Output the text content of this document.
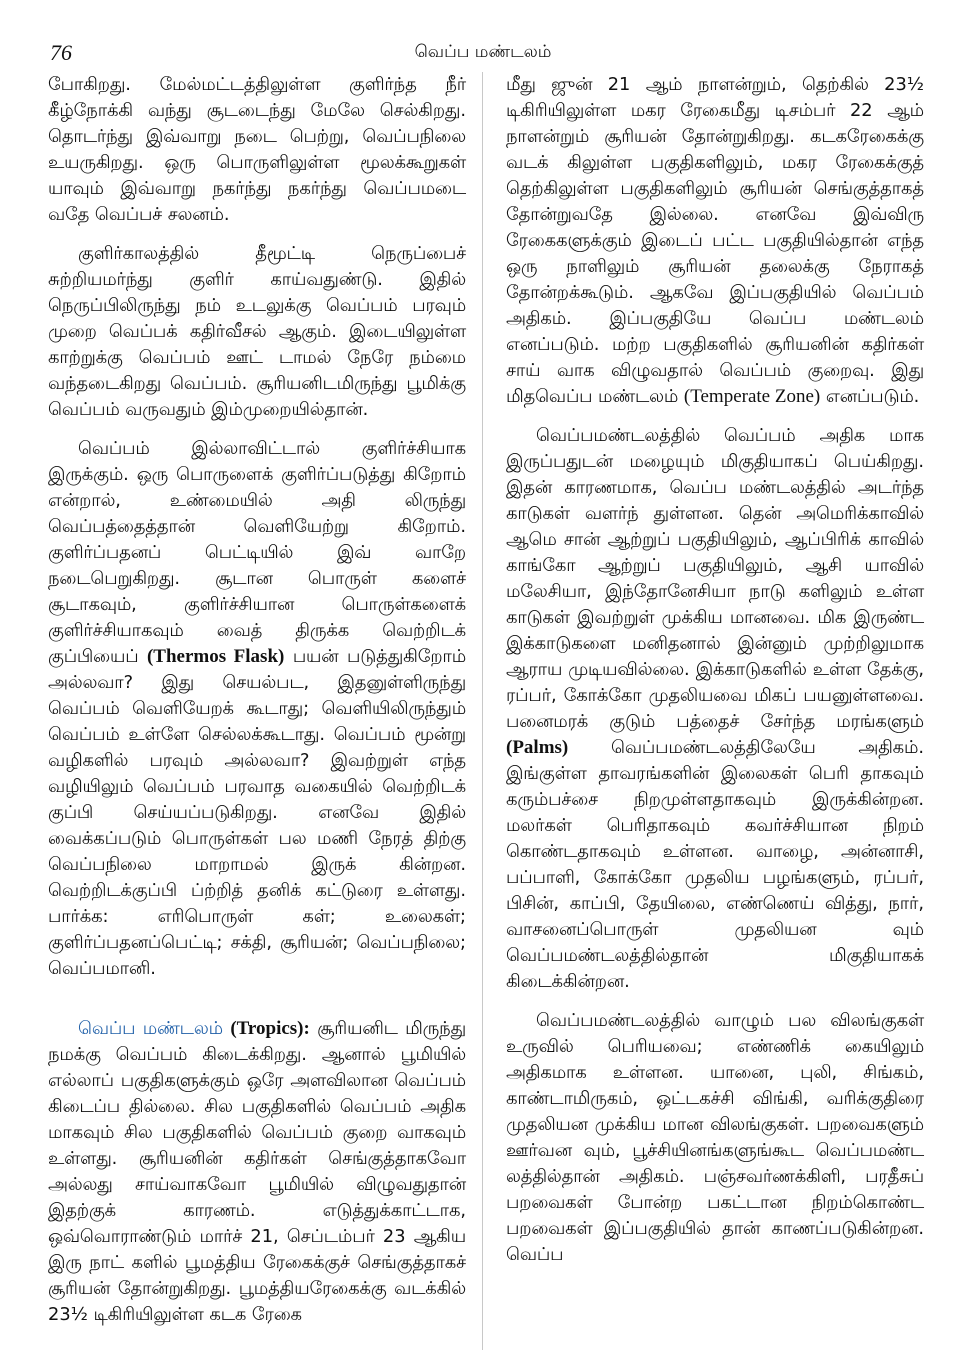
76	வெப்ப மண்டலம்

போகிறது. மேல்மட்டத்திலுள்ள குளிர்ந்த நீர் கீழ்நோக்கி வந்து சூடடைந்து மேலே செல்கிறது. தொடர்ந்து இவ்வாறு நடை பெற்று, வெப்பநிலை உயருகிறது. ஒரு பொருளிலுள்ள மூலக்கூறுகள் யாவும் இவ்வாறு நகர்ந்து நகர்ந்து வெப்பமடை வதே வெப்பச் சலனம்.

குளிர்காலத்தில் தீமூட்டி நெருப்பைச் சுற்றியமர்ந்து குளிர் காய்வதுண்டு. இதில் நெருப்பிலிருந்து நம் உடலுக்கு வெப்பம் பரவும் முறை வெப்பக் கதிர்வீசல் ஆகும். இடையிலுள்ள காற்றுக்கு வெப்பம் ஊட் டாமல் நேரே நம்மை வந்தடைகிறது வெப்பம். சூரியனிடமிருந்து பூமிக்கு வெப்பம் வருவதும் இம்முறையில்தான்.

வெப்பம் இல்லாவிட்டால் குளிர்ச்சியாக இருக்கும். ஒரு பொருளைக் குளிர்ப்படுத்து கிறோம் என்றால், உண்மையில் அதி லிருந்து வெப்பத்தைத்தான் வெளியேற்று கிறோம். குளிர்ப்பதனப் பெட்டியில் இவ் வாறே நடைபெறுகிறது. சூடான பொருள் களைச் சூடாகவும், குளிர்ச்சியான பொருள்களைக் குளிர்ச்சியாகவும் வைத் திருக்க வெற்றிடக் குப்பியைப் (Thermos Flask) பயன் படுத்துகிறோம் அல்லவா? இது செயல்பட, இதனுள்ளிருந்து வெப்பம் வெளியேறக் கூடாது; வெளியிலிருந்தும் வெப்பம் உள்ளே செல்லக்கூடாது. வெப்பம் மூன்று வழிகளில் பரவும் அல்லவா? இவற்றுள் எந்த வழியிலும் வெப்பம் பரவாத வகையில் வெற்றிடக் குப்பி செய்யப்படுகிறது. எனவே இதில் வைக்கப்படும் பொருள்கள் பல மணி நேரத் திற்கு வெப்பநிலை மாறாமல் இருக் கின்றன. வெற்றிடக்குப்பி ப்ற்றித் தனிக் கட்டுரை உள்ளது. பார்க்க: எரிபொருள் கள்; உலைகள்; குளிர்ப்பதனப்பெட்டி; சக்தி, சூரியன்; வெப்பநிலை; வெப்பமானி.

வெப்ப மண்டலம் (Tropics): சூரியனிட மிருந்து நமக்கு வெப்பம் கிடைக்கிறது. ஆனால் பூமியில் எல்லாப் பகுதிகளுக்கும் ஒரே அளவிலான வெப்பம் கிடைப்ப தில்லை. சில பகுதிகளில் வெப்பம் அதிக மாகவும் சில பகுதிகளில் வெப்பம் குறை வாகவும் உள்ளது. சூரியனின் கதிர்கள் செங்குத்தாகவோ அல்லது சாய்வாகவோ பூமியில் விழுவதுதான் இதற்குக் காரணம். எடுத்துக்காட்டாக, ஒவ்வொராண்டும் மார்ச் 21, செப்டம்பர் 23 ஆகிய இரு நாட் களில் பூமத்திய ரேகைக்குச் செங்குத்தாகச் சூரியன் தோன்றுகிறது. பூமத்தியரேகைக்கு வடக்கில் 23½ டிகிரியிலுள்ள கடக ரேகை

மீது ஜுன் 21 ஆம் நாளன்றும், தெற்கில் 23½ டிகிரியிலுள்ள மகர ரேகைமீது டிசம்பர் 22 ஆம் நாளன்றும் சூரியன் தோன்றுகிறது. கடகரேகைக்கு வடக் கிலுள்ள பகுதிகளிலும், மகர ரேகைக்குத் தெற்கிலுள்ள பகுதிகளிலும் சூரியன் செங்குத்தாகத் தோன்றுவதே இல்லை. எனவே இவ்விரு ரேகைகளுக்கும் இடைப் பட்ட பகுதியில்தான் எந்த ஒரு நாளிலும் சூரியன் தலைக்கு நேராகத் தோன்றக்கூடும். ஆகவே இப்பகுதியில் வெப்பம் அதிகம். இப்பகுதியே வெப்ப மண்டலம் எனப்படும். மற்ற பகுதிகளில் சூரியனின் கதிர்கள் சாய் வாக விழுவதால் வெப்பம் குறைவு. இது மிதவெப்ப மண்டலம் (Temperate Zone) எனப்படும்.

வெப்பமண்டலத்தில் வெப்பம் அதிக மாக இருப்பதுடன் மழையும் மிகுதியாகப் பெய்கிறது. இதன் காரணமாக, வெப்ப மண்டலத்தில் அடர்ந்த காடுகள் வளர்ந் துள்ளன. தென் அமெரிக்காவில் ஆமெ சான் ஆற்றுப் பகுதியிலும், ஆப்பிரிக் காவில் காங்கோ ஆற்றுப் பகுதியிலும், ஆசி யாவில் மலேசியா, இந்தோனேசியா நாடு களிலும் உள்ள காடுகள் இவற்றுள் முக்கிய மானவை. மிக இருண்ட இக்காடுகளை மனிதனால் இன்னும் முற்றிலுமாக ஆராய முடியவில்லை. இக்காடுகளில் உள்ள தேக்கு, ரப்பர், கோக்கோ முதலியவை மிகப் பயனுள்ளவை. பனைமரக் குடும் பத்தைச் சேர்ந்த மரங்களும் (Palms) வெப்பமண்டலத்திலேயே அதிகம். இங்குள்ள தாவரங்களின் இலைகள் பெரி தாகவும் கரும்பச்சை நிறமுள்ளதாகவும் இருக்கின்றன. மலர்கள் பெரிதாகவும் கவர்ச்சியான நிறம் கொண்டதாகவும் உள்ளன. வாழை, அன்னாசி, பப்பாளி, கோக்கோ முதலிய பழங்களும், ரப்பர், பிசின், காப்பி, தேயிலை, எண்ணெய் வித்து, நார், வாசனைப்பொருள் முதலியன வும் வெப்பமண்டலத்தில்தான் மிகுதியாகக் கிடைக்கின்றன.

வெப்பமண்டலத்தில் வாழும் பல விலங்குகள் உருவில் பெரியவை; எண்ணிக் கையிலும் அதிகமாக உள்ளன. யானை, புலி, சிங்கம், காண்டாமிருகம், ஒட்டகச்சி விங்கி, வரிக்குதிரை முதலியன முக்கிய மான விலங்குகள். பறவைகளும் ஊர்வன வும், பூச்சியினங்களுங்கூட வெப்பமண்ட லத்தில்தான் அதிகம். பஞ்சவர்ணக்கிளி, பரதீசுப் பறவைகள் போன்ற பகட்டான நிறம்கொண்ட பறவைகள் இப்பகுதியில் தான் காணப்படுகின்றன. வெப்ப
